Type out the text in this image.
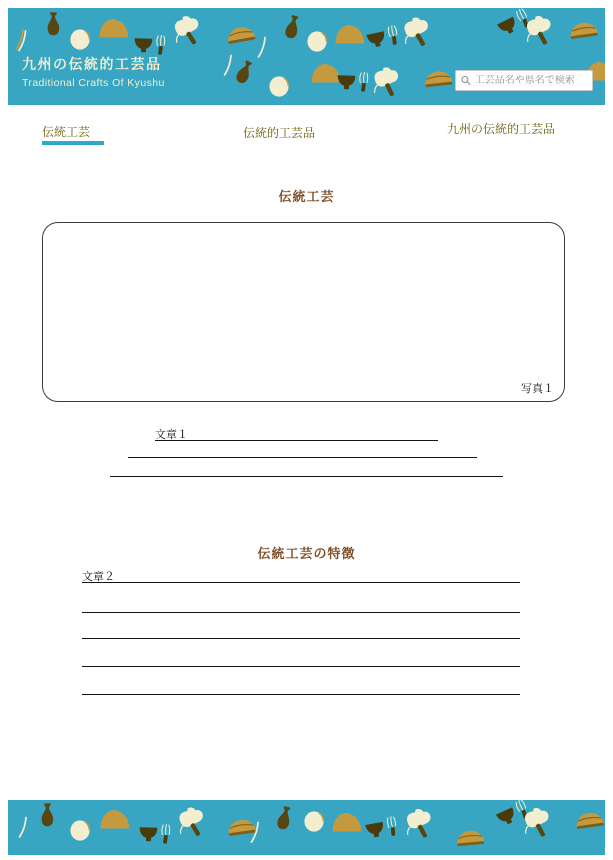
九州の伝統的工芸品

Traditional Crafts Of Kyushu

工芸品名や県名で検索
伝統工芸	伝統的工芸品	九州の伝統的工芸品
伝統工芸
写真１
文章１
伝統工芸の特徴
文章２
